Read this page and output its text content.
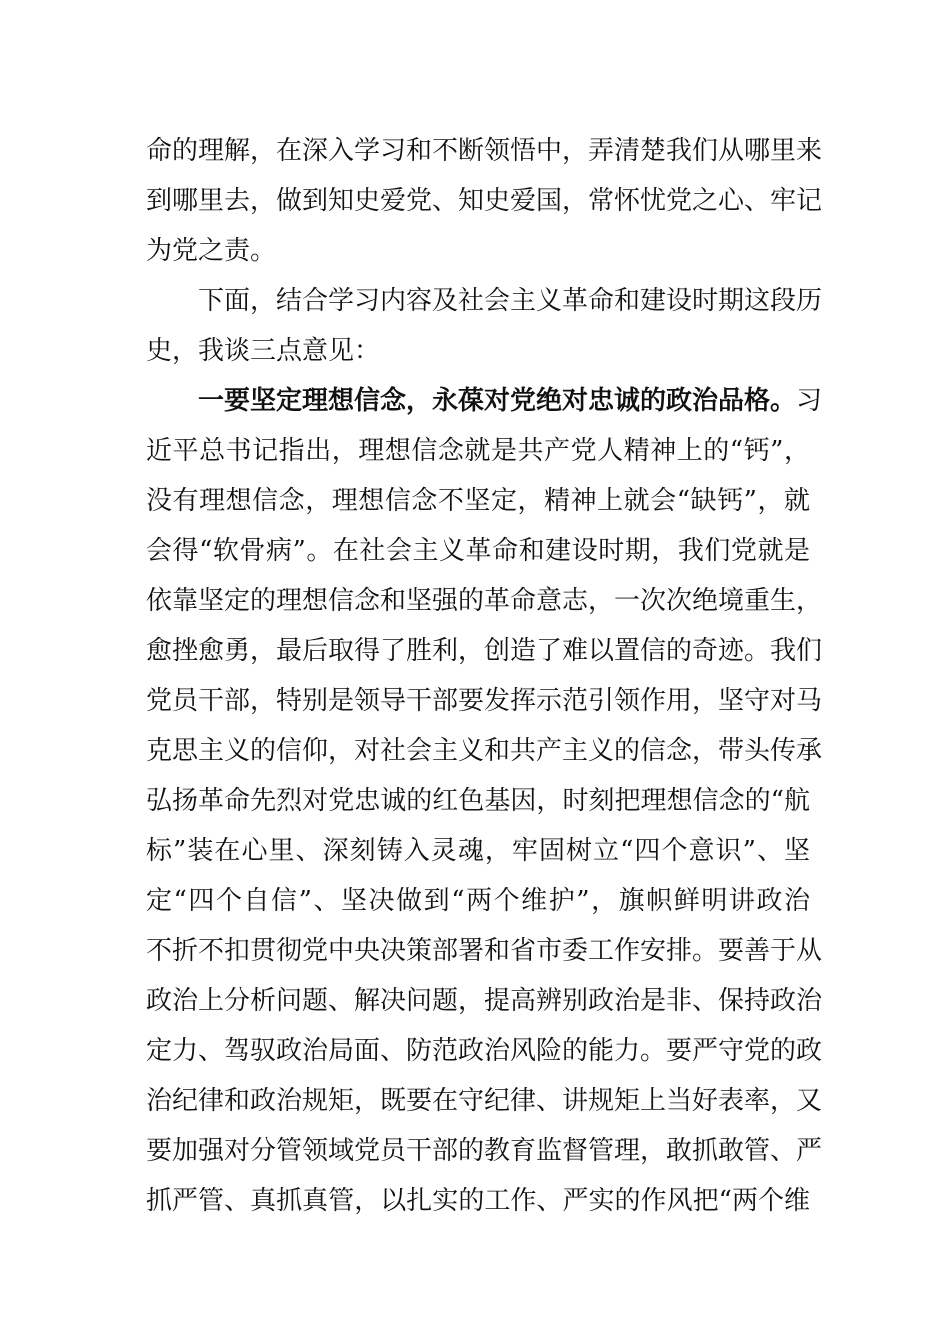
命的理解，在深入学习和不断领悟中，弄清楚我们从哪里来
到哪里去，做到知史爱党、知史爱国，常怀忧党之心、牢记
为党之责。
下面，结合学习内容及社会主义革命和建设时期这段历
史，我谈三点意见：
一要坚定理想信念，永葆对党绝对忠诚的政治品格。习
近平总书记指出，理想信念就是共产党人精神上的“钙”，
没有理想信念，理想信念不坚定，精神上就会“缺钙”，就
会得“软骨病”。在社会主义革命和建设时期，我们党就是
依靠坚定的理想信念和坚强的革命意志，一次次绝境重生，
愈挫愈勇，最后取得了胜利，创造了难以置信的奇迹。我们
党员干部，特别是领导干部要发挥示范引领作用，坚守对马
克思主义的信仰，对社会主义和共产主义的信念，带头传承
弘扬革命先烈对党忠诚的红色基因，时刻把理想信念的“航
标”装在心里、深刻铸入灵魂，牢固树立“四个意识”、坚
定“四个自信”、坚决做到“两个维护”，旗帜鲜明讲政治
不折不扣贯彻党中央决策部署和省市委工作安排。要善于从
政治上分析问题、解决问题，提高辨别政治是非、保持政治
定力、驾驭政治局面、防范政治风险的能力。要严守党的政
治纪律和政治规矩，既要在守纪律、讲规矩上当好表率，又
要加强对分管领域党员干部的教育监督管理，敢抓敢管、严
抓严管、真抓真管，以扎实的工作、严实的作风把“两个维
